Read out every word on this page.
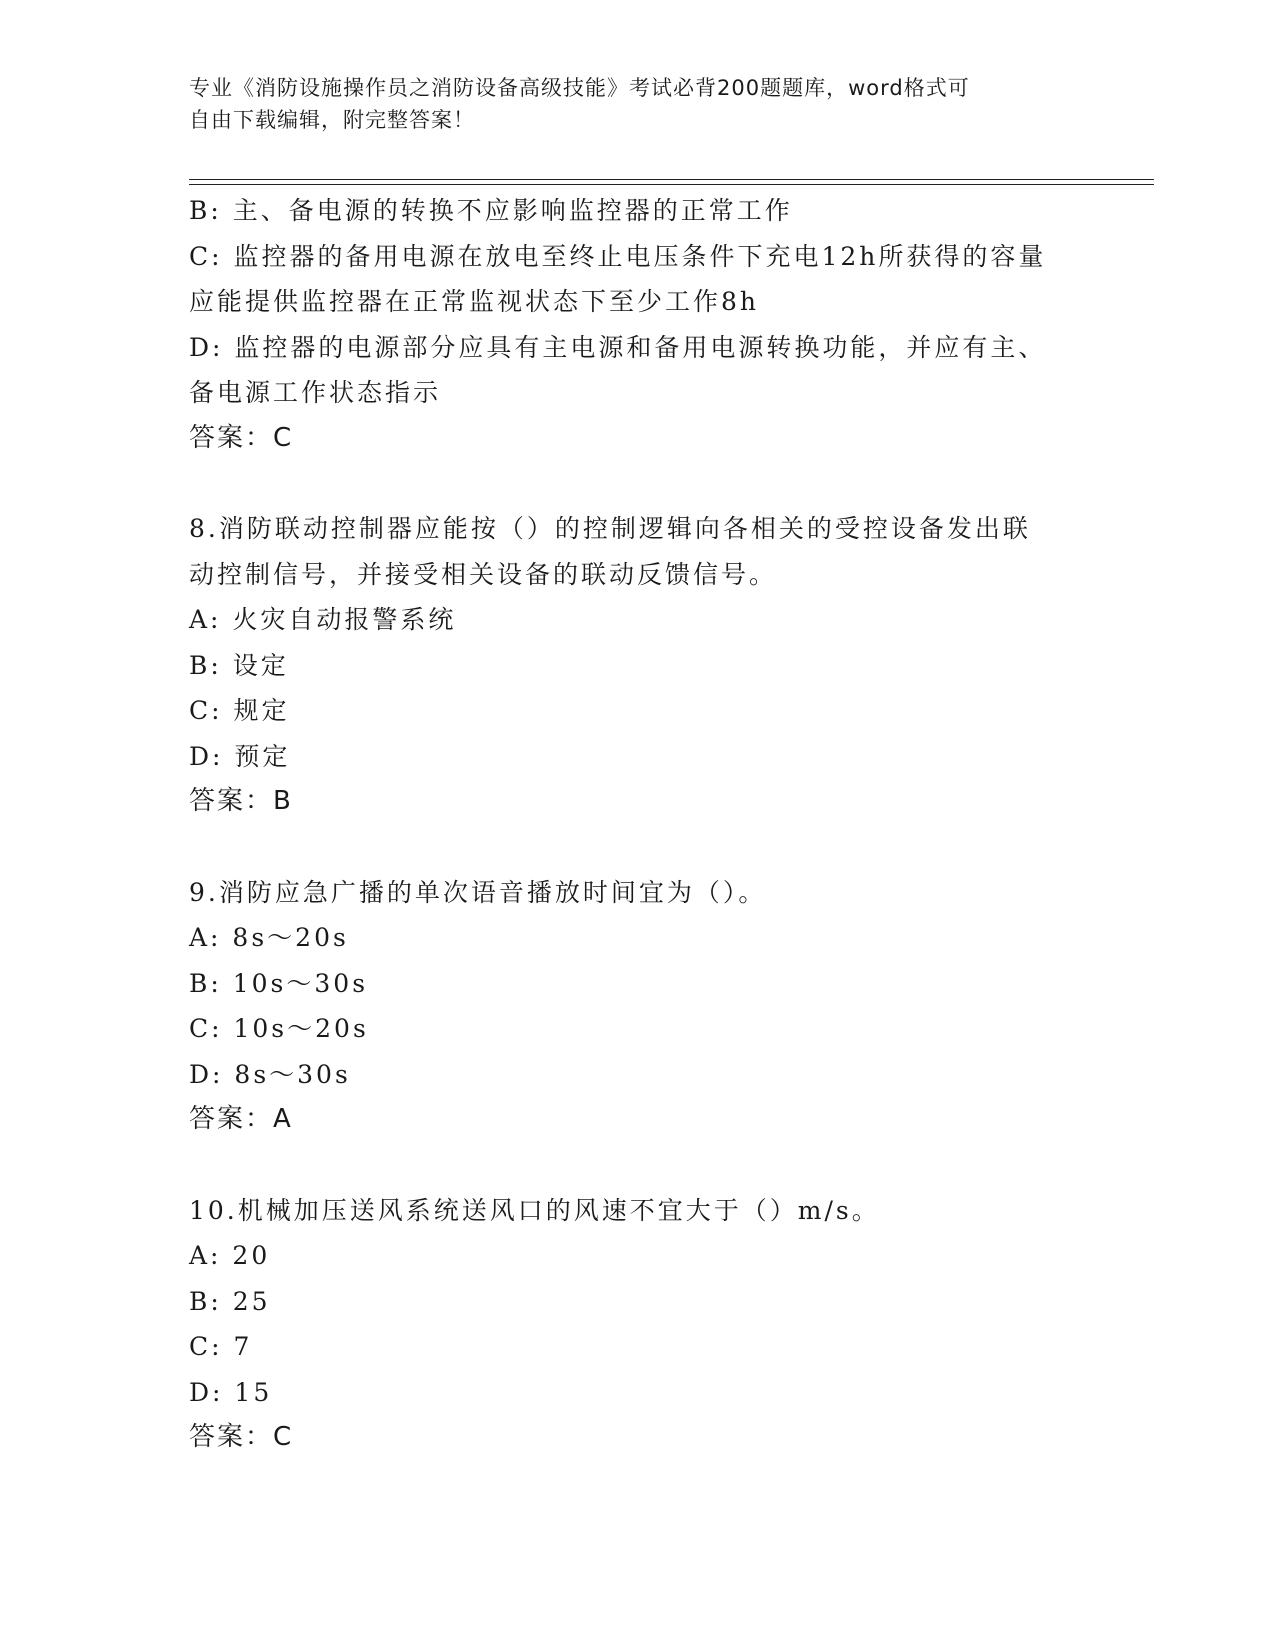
专业《消防设施操作员之消防设备高级技能》考试必背200题题库，word格式可
自由下载编辑，附完整答案！

B: 主、备电源的转换不应影响监控器的正常工作

C: 监控器的备用电源在放电至终止电压条件下充电12h所获得的容量

应能提供监控器在正常监视状态下至少工作8h

D: 监控器的电源部分应具有主电源和备用电源转换功能，并应有主、

备电源工作状态指示

答案：C

8.消防联动控制器应能按（）的控制逻辑向各相关的受控设备发出联

动控制信号，并接受相关设备的联动反馈信号。

A: 火灾自动报警系统

B: 设定

C: 规定

D: 预定

答案：B

9.消防应急广播的单次语音播放时间宜为（）。

A: 8s～20s

B: 10s～30s

C: 10s～20s

D: 8s～30s

答案：A

10.机械加压送风系统送风口的风速不宜大于（）m/s。

A: 20

B: 25

C: 7

D: 15

答案：C
